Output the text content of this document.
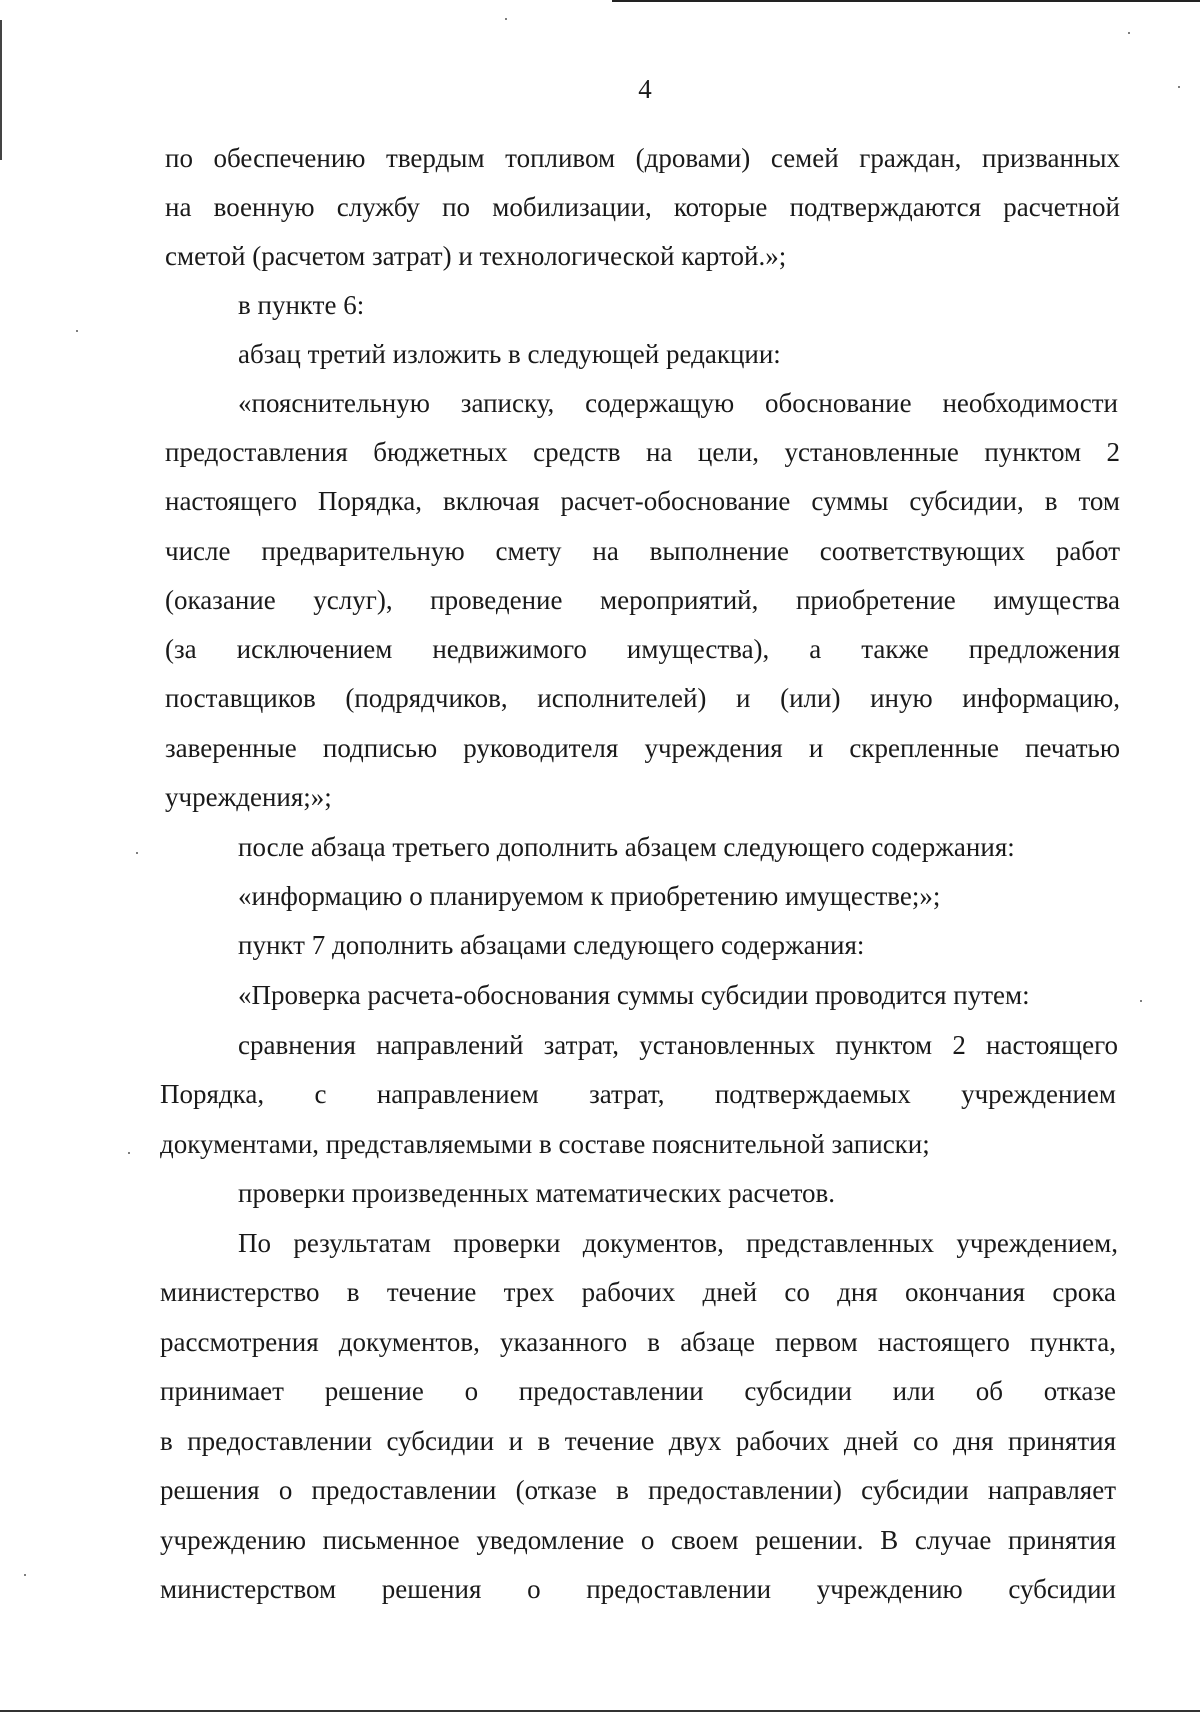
4
по обеспечению твердым топливом (дровами) семей граждан, призванных
на военную службу по мобилизации, которые подтверждаются расчетной
сметой (расчетом затрат) и технологической картой.»;
в пункте 6:
абзац третий изложить в следующей редакции:
«пояснительную записку, содержащую обоснование необходимости
предоставления бюджетных средств на цели, установленные пунктом 2
настоящего Порядка, включая расчет-обоснование суммы субсидии, в том
числе предварительную смету на выполнение соответствующих работ
(оказание услуг), проведение мероприятий, приобретение имущества
(за исключением недвижимого имущества), а также предложения
поставщиков (подрядчиков, исполнителей) и (или) иную информацию,
заверенные подписью руководителя учреждения и скрепленные печатью
учреждения;»;
после абзаца третьего дополнить абзацем следующего содержания:
«информацию о планируемом к приобретению имуществе;»;
пункт 7 дополнить абзацами следующего содержания:
«Проверка расчета-обоснования суммы субсидии проводится путем:
сравнения направлений затрат, установленных пунктом 2 настоящего
Порядка, с направлением затрат, подтверждаемых учреждением
документами, представляемыми в составе пояснительной записки;
проверки произведенных математических расчетов.
По результатам проверки документов, представленных учреждением,
министерство в течение трех рабочих дней со дня окончания срока
рассмотрения документов, указанного в абзаце первом настоящего пункта,
принимает решение о предоставлении субсидии или об отказе
в предоставлении субсидии и в течение двух рабочих дней со дня принятия
решения о предоставлении (отказе в предоставлении) субсидии направляет
учреждению письменное уведомление о своем решении. В случае принятия
министерством решения о предоставлении учреждению субсидии
